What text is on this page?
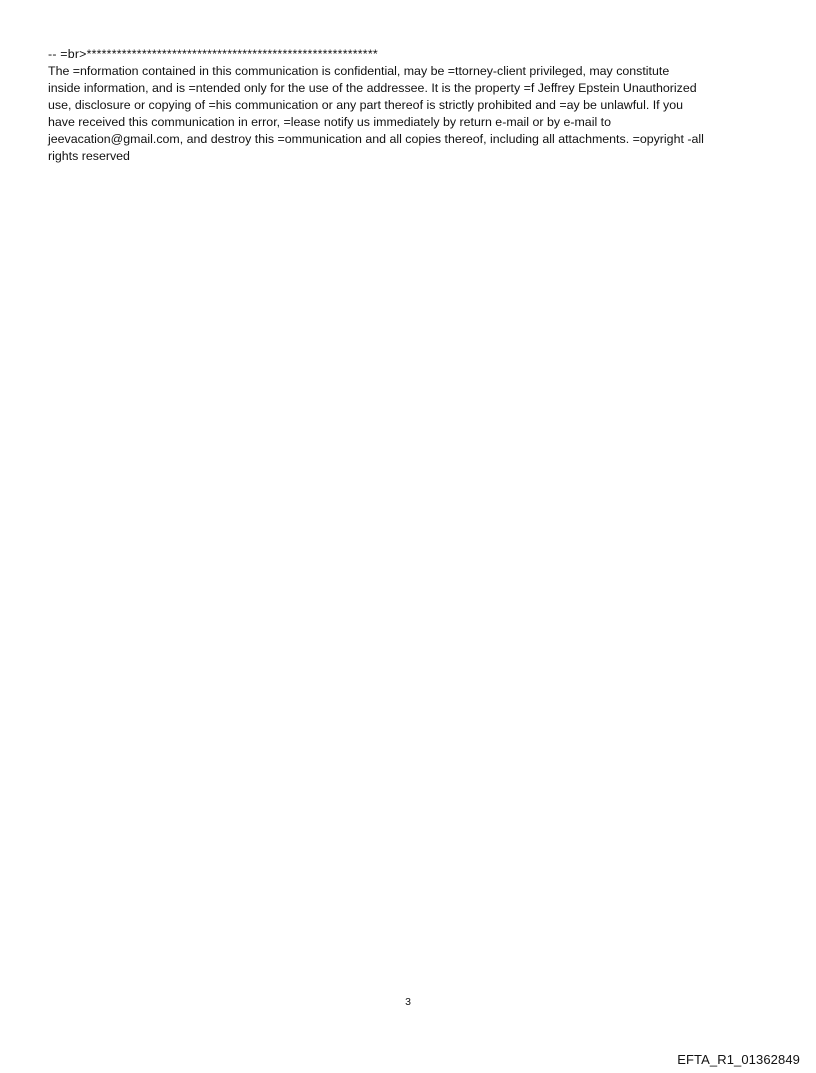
-- =br>**********************************************************
The =nformation contained in this communication is confidential, may be =ttorney-client privileged, may constitute
inside information, and is =ntended only for the use of the addressee. It is the property =f Jeffrey Epstein Unauthorized
use, disclosure or copying of =his communication or any part thereof is strictly prohibited and =ay be unlawful. If you
have received this communication in error, =lease notify us immediately by return e-mail or by e-mail to
jeevacation@gmail.com, and destroy this =ommunication and all copies thereof, including all attachments. =opyright -all
rights reserved
3
EFTA_R1_01362849
